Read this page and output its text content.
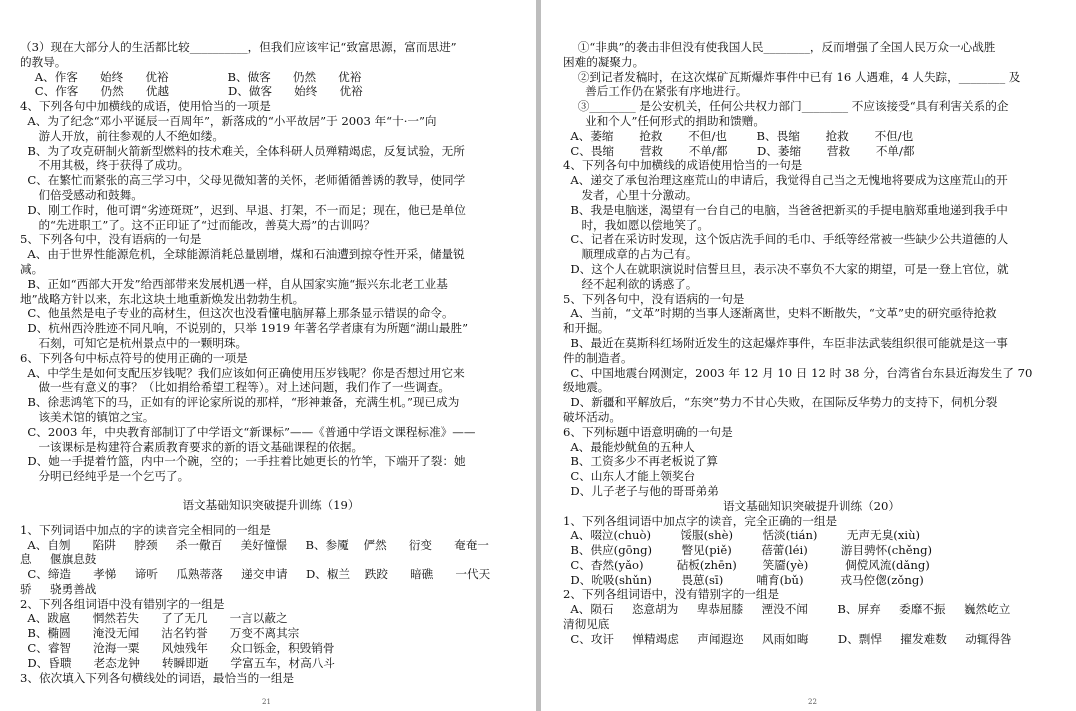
（3）现在大部分人的生活都比较__________，但我们应该牢记“致富思源，富而思进”

的教导。

A、作客      始终      优裕                B、做客      仍然      优裕

C、作客      仍然      优越                D、做客      始终      优裕

4、下列各句中加横线的成语，使用恰当的一项是

A、为了纪念“邓小平诞辰一百周年”，新落成的“小平故居”于 2003 年“十·一”向

游人开放，前往参观的人不绝如缕。

B、为了攻克研制火箭新型燃料的技术难关，全体科研人员殚精竭虑，反复试验，无所

不用其极，终于获得了成功。

C、在繁忙而紧张的高三学习中，父母见微知著的关怀，老师循循善诱的教导，使同学

们倍受感动和鼓舞。

D、刚工作时，他可谓“劣迹斑斑”，迟到、早退、打架，不一而足；现在，他已是单位

的“先进职工”了。这不正印证了“过而能改，善莫大焉”的古训吗？

5、下列各句中，没有语病的一句是

A、由于世界性能源危机，全球能源消耗总量剧增，煤和石油遭到掠夺性开采，储量锐

减。

B、正如“西部大开发”给西部带来发展机遇一样，自从国家实施“振兴东北老工业基

地”战略方针以来，东北这块土地重新焕发出勃勃生机。

C、他虽然是电子专业的高材生，但这次也没看懂电脑屏幕上那条显示错误的命令。

D、杭州西泠胜迹不同凡响，不说别的，只举 1919 年著名学者康有为所题“湖山最胜”

石刻，可知它是杭州景点中的一颗明珠。

6、下列各句中标点符号的使用正确的一项是

A、中学生是如何支配压岁钱呢？我们应该如何正确使用压岁钱呢？你是否想过用它来

做一些有意义的事？（比如捐给希望工程等）。对上述问题，我们作了一些调查。

B、徐悲鸿笔下的马，正如有的评论家所说的那样，“形神兼备，充满生机。”现已成为

该美术馆的镇馆之宝。

C、2003 年，中央教育部制订了中学语文“新课标”——《普通中学语文课程标准》——

一该课标是构建符合素质教育要求的新的语文基础课程的依据。

D、她一手提着竹篮，内中一个碗，空的；一手拄着比她更长的竹竿，下端开了裂：她

分明已经纯乎是一个乞丐了。

语文基础知识突破提升训练（19）

1、下列词语中加点的字的读音完全相同的一组是

A、自刎      陷阱     脖颈     杀一儆百     美好憧憬     B、参魇    俨然      衍变      奄奄一

息     偃旗息鼓

C、缔造      孝悌     谛听     瓜熟蒂落     递交申请     D、椒兰    跌跤      暗礁      一代天

骄     骁勇善战

2、下列各组词语中没有错别字的一组是

A、跋扈      惘然若失      了了无几      一言以蔽之

B、椭圆      淹没无闻      沽名钓誉      万变不离其宗

C、睿智      沧海一粟      风烛残年      众口铄金，积毁销骨

D、昏聩      老态龙钟      转瞬即逝      学富五车，材高八斗

3、依次填入下列各句横线处的词语，最恰当的一组是

21

①“非典”的袭击非但没有使我国人民________，反而增强了全国人民万众一心战胜

困难的凝聚力。

②到记者发稿时，在这次煤矿瓦斯爆炸事件中已有 16 人遇难，4 人失踪，________ 及

善后工作仍在紧张有序地进行。

③________ 是公安机关，任何公共权力部门________ 不应该接受“具有利害关系的企

业和个人”任何形式的捐助和馈赠。

A、萎缩       抢救       不但/也        B、畏缩       抢救       不但/也

C、畏缩       营救       不单/都        D、萎缩       营救       不单/都

4、下列各句中加横线的成语使用恰当的一句是

A、递交了承包治理这座荒山的申请后，我觉得自己当之无愧地将要成为这座荒山的开

发者，心里十分激动。

B、我是电脑迷，渴望有一台自己的电脑，当爸爸把新买的手提电脑郑重地递到我手中

时，我如愿以偿地笑了。

C、记者在采访时发现，这个饭店洗手间的毛巾、手纸等经常被一些缺少公共道德的人

顺理成章的占为己有。

D、这个人在就职演说时信誓旦旦，表示决不辜负不大家的期望，可是一登上官位，就

经不起利欲的诱惑了。

5、下列各句中，没有语病的一句是

A、当前，“文革”时期的当事人逐渐离世，史料不断散失，“文革”史的研究亟待抢救

和开掘。

B、最近在莫斯科红场附近发生的这起爆炸事件，车臣非法武装组织很可能就是这一事

件的制造者。

C、中国地震台网测定，2003 年 12 月 10 日 12 时 38 分，台湾省台东县近海发生了 70

级地震。

D、新疆和平解放后，“东突”势力不甘心失败，在国际反华势力的支持下，伺机分裂

破坏活动。

6、下列标题中语意明确的一句是

A、最能炒鱿鱼的五种人

B、工资多少不再老板说了算

C、山东人才能上领奖台

D、儿子老子与他的哥哥弟弟

语文基础知识突破提升训练（20）

1、下列各组词语中加点字的读音，完全正确的一组是

A、啜泣(chuò)        馁服(shè)        恬淡(tián)        无声无臭(xiù)

B、供应(gōng)        瞥见(piě)        蓓蕾(léi)         游目骋怀(chěng)

C、杳然(yǎo)         砧板(zhēn)       笑靥(yè)          倜傥风流(dǎng)

D、吮吸(shǔn)        畏葸(sī)         哺育(bǔ)          戎马倥偬(zǒng)

2、下列各组词语中，没有错别字的一组是

A、陨石     恣意胡为     卑恭屈膝     湮没不闻        B、屏弃     委靡不振     巍然屹立

清彻见底

C、攻讦     惮精竭虑     声闻遐迩     风雨如晦        D、剽悍     擢发难数     动辄得咎

22
